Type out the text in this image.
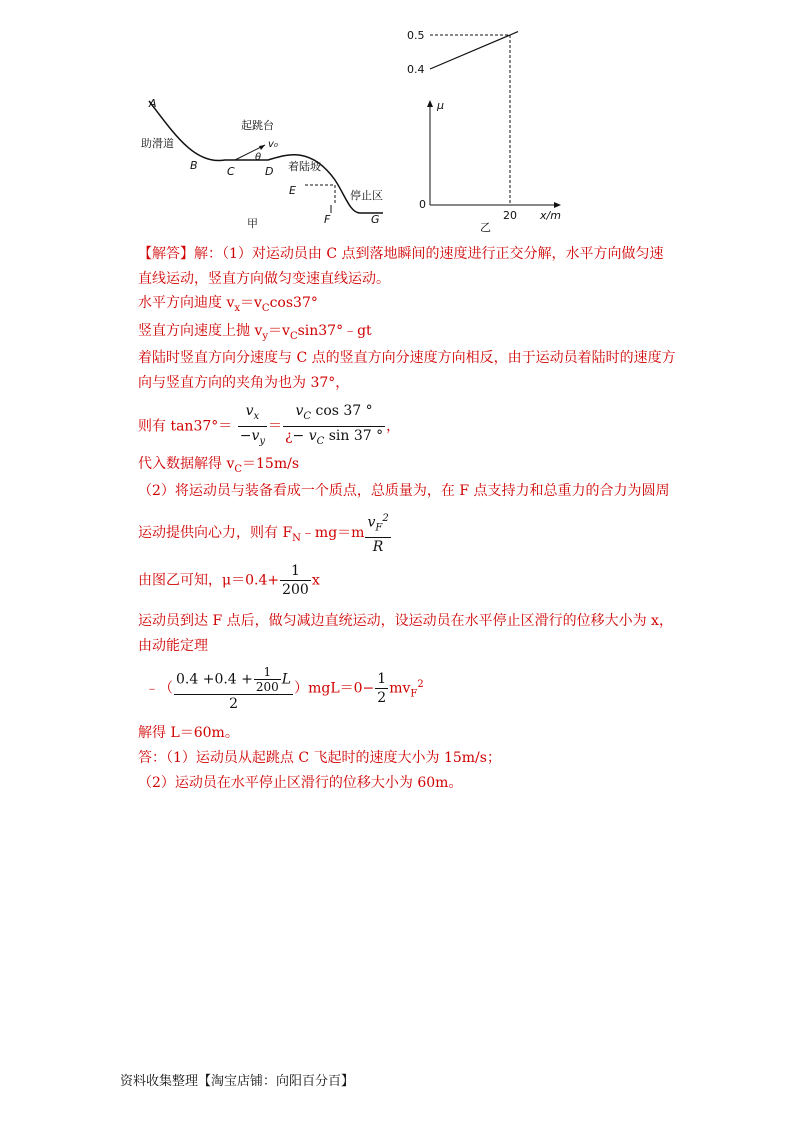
A
助滑道
B
起跳台
v₀
θ
C	D 着陆坡
E	停止区
F	G
甲
0.4
0.5
0
20
μ
x/m
乙
【解答】解：（1）对运动员由 C 点到落地瞬间的速度进行正交分解，水平方向做匀速
直线运动，竖直方向做匀变速直线运动。
水平方向迪度 $v_x=v_C\cos 37^\circ$
竖直方向速度上抛 $v_y=v_C\sin 37^\circ﹣gt$
着陆时竖直方向分速度与 C 点的竖直方向分速度方向相反，由于运动员着陆时的速度方
向与竖直方向的夹角为也为 37°，
则有 $\tan 37^\circ= \frac{v_x}{-v_y} = \frac{v_C \cos 37 ^\circ}{¿- v_C \sin 37 ^\circ}$ ，
代入数据解得 $v_C=15m/s$
（2）将运动员与装备看成一个质点，总质量为，在 F 点支持力和总重力的合力为圆周
运动提供向心力，则有 $F_N﹣mg=m \frac{v_F^2}{R}$
由图乙可知，$\mu=0.4+ \frac{1}{200}$ x
运动员到达 F 点后，做匀减边直统运动，设运动员在水平停止区滑行的位移大小为 x，
由动能定理
﹣（ $\frac{0.4 +0.4 + \frac{1}{200} L}{2} )mgL=0- \frac{1}{2} mv_F^2$
解得 L＝60m。
答：（1）运动员从起跳点 C 飞起时的速度大小为 15m/s；
（2）运动员在水平停止区滑行的位移大小为 60m。
资料收集整理【淘宝店铺：向阳百分百】
